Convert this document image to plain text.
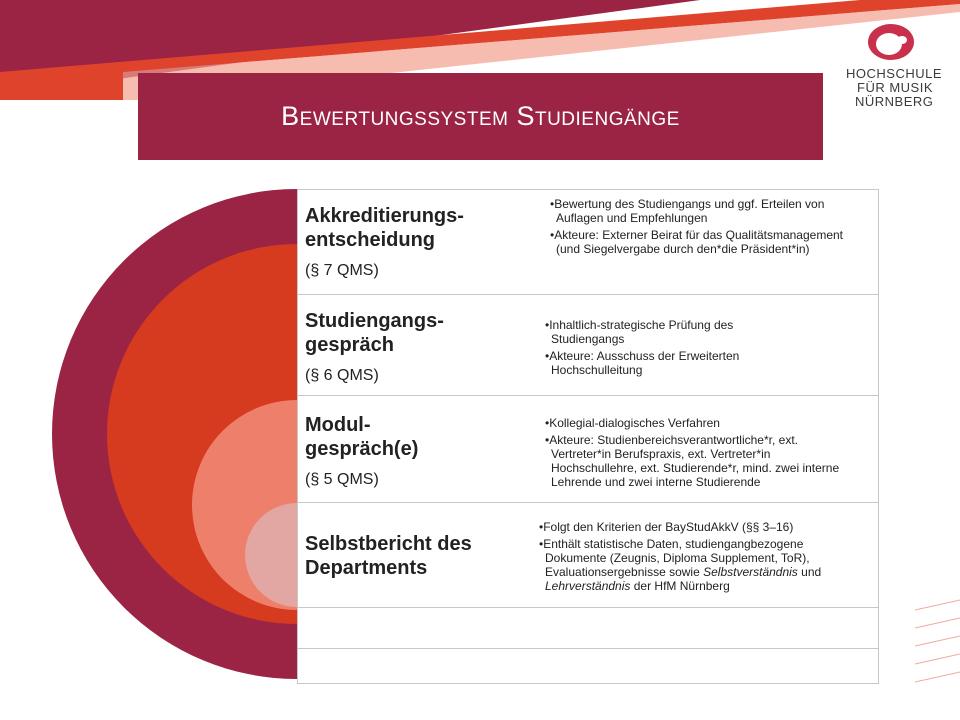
Bewertungssystem Studiengänge
HOCHSCHULE
FÜR MUSIK
NÜRNBERG
Akkreditierungs-
entscheidung
(§ 7 QMS)

•Bewertung des Studiengangs und ggf. Erteilen von Auflagen und Empfehlungen

•Akteure: Externer Beirat für das Qualitätsmanagement (und Siegelvergabe durch den*die Präsident*in)

Studiengangs-
gespräch
(§ 6 QMS)

•Inhaltlich-strategische Prüfung des Studiengangs

•Akteure: Ausschuss der Erweiterten Hochschulleitung

Modul-
gespräch(e)
(§ 5 QMS)

•Kollegial-dialogisches Verfahren

•Akteure: Studienbereichsverantwortliche*r, ext. Vertreter*in Berufspraxis, ext. Vertreter*in Hochschullehre, ext. Studierende*r, mind. zwei interne Lehrende und zwei interne Studierende

Selbstbericht des
Departments

•Folgt den Kriterien der BayStudAkkV (§§ 3–16)

•Enthält statistische Daten, studiengangbezogene Dokumente (Zeugnis, Diploma Supplement, ToR), Evaluationsergebnisse sowie Selbstverständnis und Lehrverständnis der HfM Nürnberg
